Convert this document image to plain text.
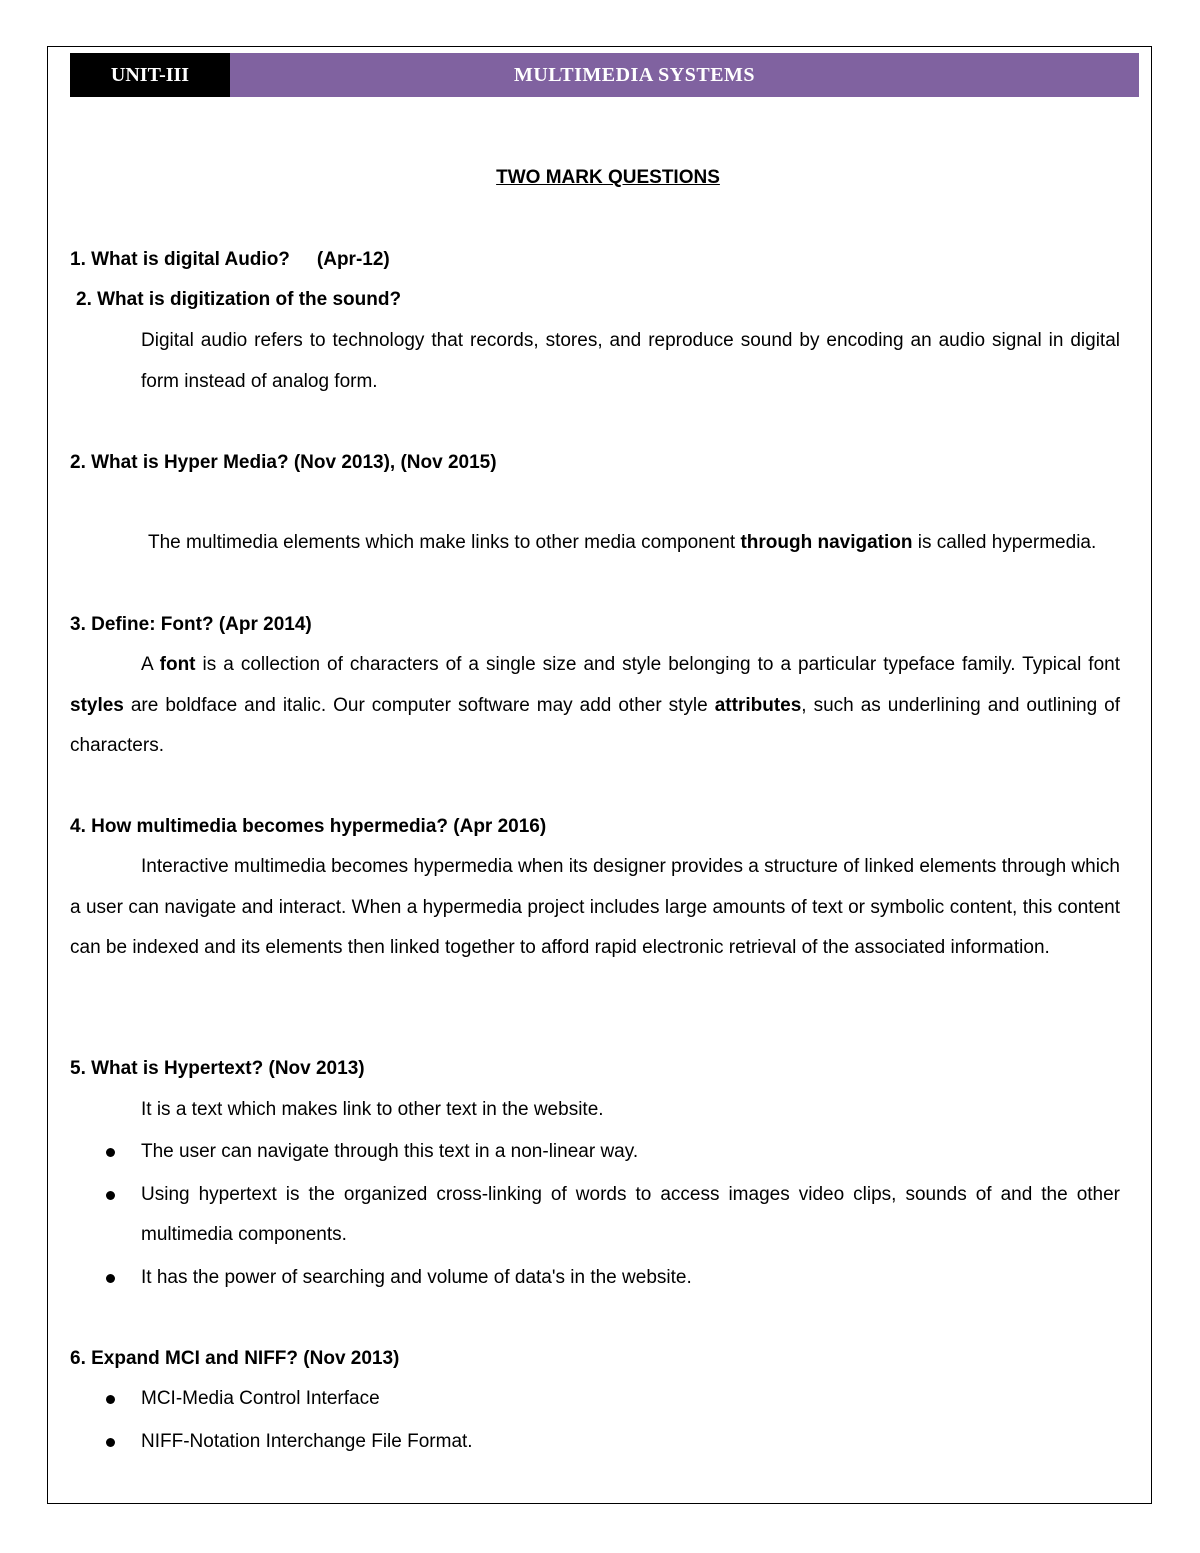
UNIT-III	MULTIMEDIA SYSTEMS
TWO MARK QUESTIONS
1. What is digital Audio? (Apr-12)
2. What is digitization of the sound?
Digital audio refers to technology that records, stores, and reproduce sound by encoding an audio signal in digital form instead of analog form.
2. What is Hyper Media? (Nov 2013), (Nov 2015)
The multimedia elements which make links to other media component through navigation is called hypermedia.
3. Define: Font? (Apr 2014)
A font is a collection of characters of a single size and style belonging to a particular typeface family. Typical font styles are boldface and italic. Our computer software may add other style attributes, such as underlining and outlining of characters.
4. How multimedia becomes hypermedia? (Apr 2016)
Interactive multimedia becomes hypermedia when its designer provides a structure of linked elements through which a user can navigate and interact. When a hypermedia project includes large amounts of text or symbolic content, this content can be indexed and its elements then linked together to afford rapid electronic retrieval of the associated information.
5. What is Hypertext? (Nov 2013)
It is a text which makes link to other text in the website.
The user can navigate through this text in a non-linear way.
Using hypertext is the organized cross-linking of words to access images video clips, sounds of and the other multimedia components.
It has the power of searching and volume of data's in the website.
6. Expand MCI and NIFF? (Nov 2013)
MCI-Media Control Interface
NIFF-Notation Interchange File Format.
